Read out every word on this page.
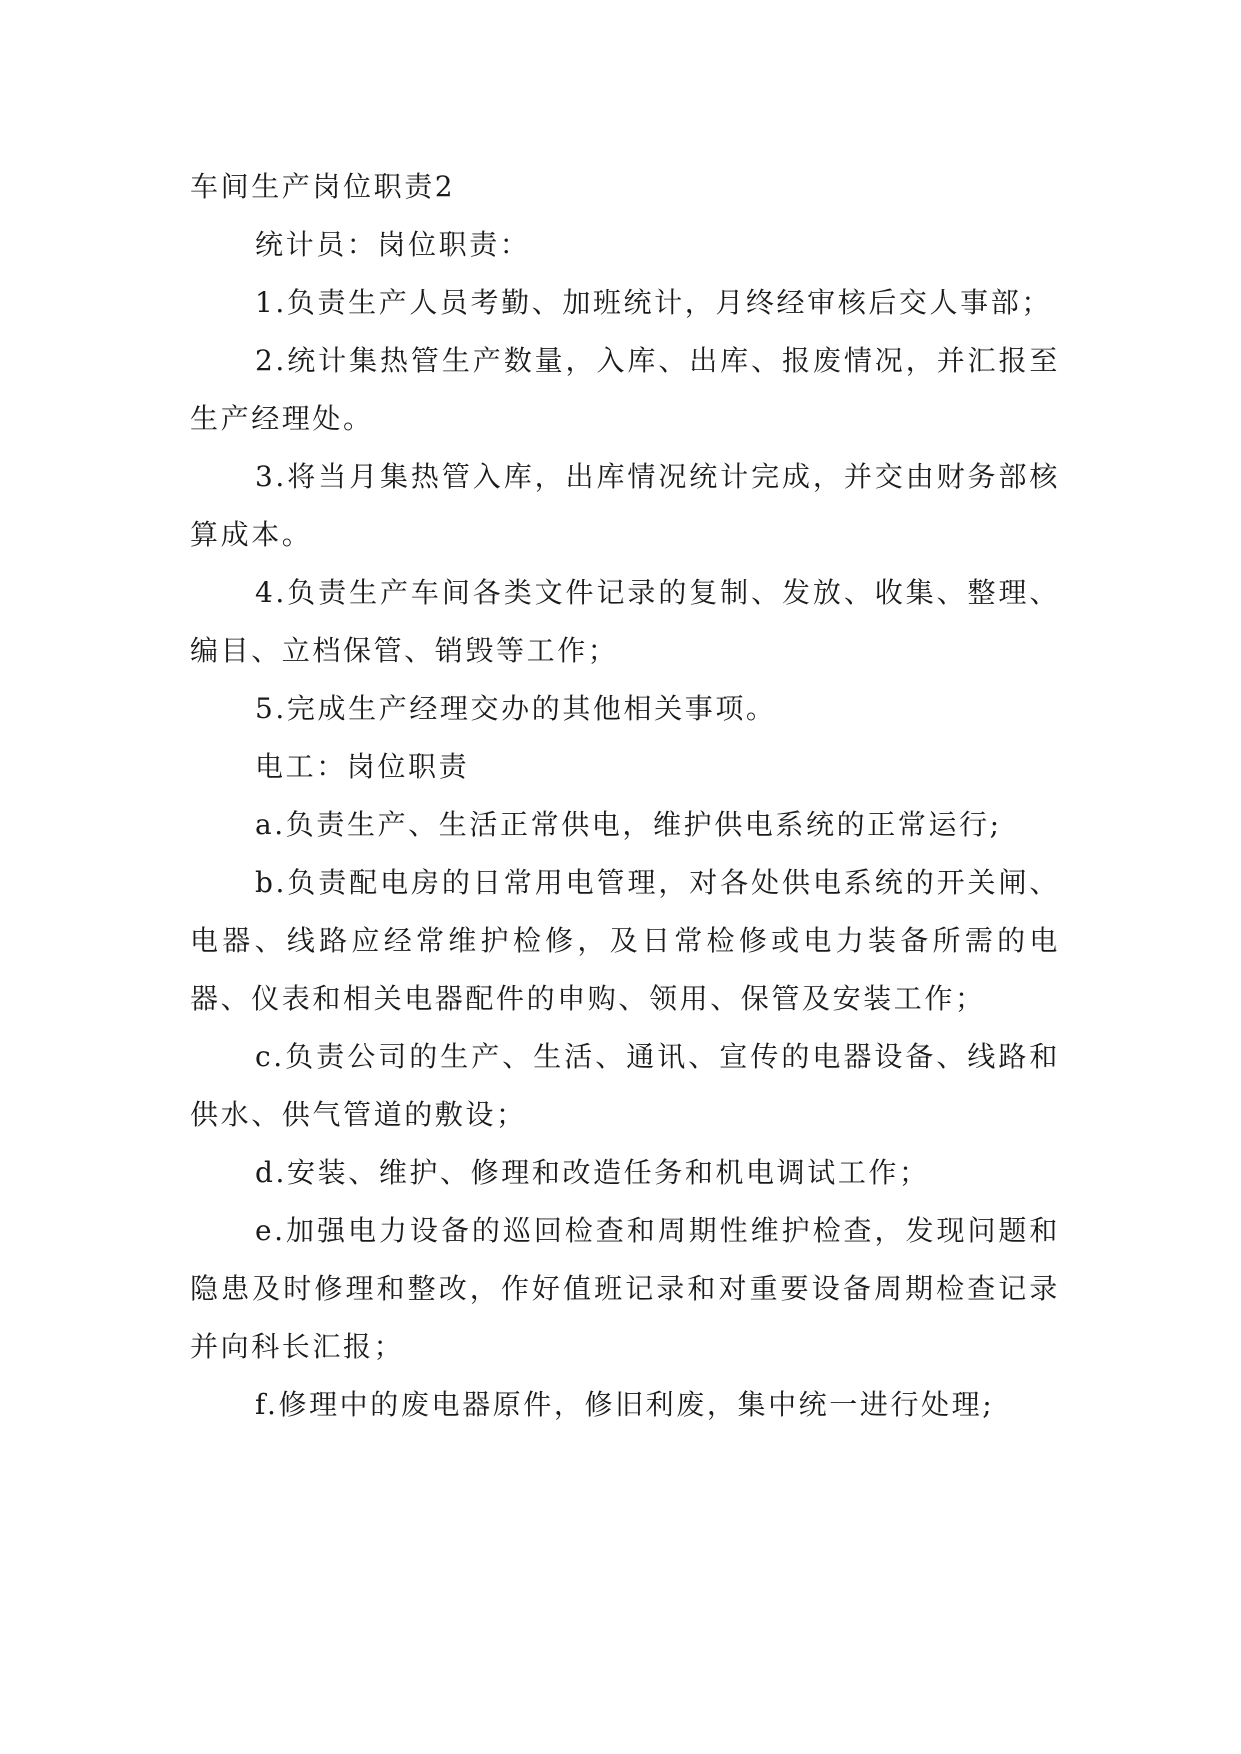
车间生产岗位职责2

统计员：岗位职责：

1.负责生产人员考勤、加班统计，月终经审核后交人事部；

2.统计集热管生产数量，入库、出库、报废情况，并汇报至生产经理处。

3.将当月集热管入库，出库情况统计完成，并交由财务部核算成本。

4.负责生产车间各类文件记录的复制、发放、收集、整理、编目、立档保管、销毁等工作；

5.完成生产经理交办的其他相关事项。

电工：岗位职责

a.负责生产、生活正常供电，维护供电系统的正常运行;

b.负责配电房的日常用电管理，对各处供电系统的开关闸、电器、线路应经常维护检修，及日常检修或电力装备所需的电器、仪表和相关电器配件的申购、领用、保管及安装工作；

c.负责公司的生产、生活、通讯、宣传的电器设备、线路和供水、供气管道的敷设；

d.安装、维护、修理和改造任务和机电调试工作；

e.加强电力设备的巡回检查和周期性维护检查，发现问题和隐患及时修理和整改，作好值班记录和对重要设备周期检查记录并向科长汇报；

f.修理中的废电器原件，修旧利废，集中统一进行处理;
